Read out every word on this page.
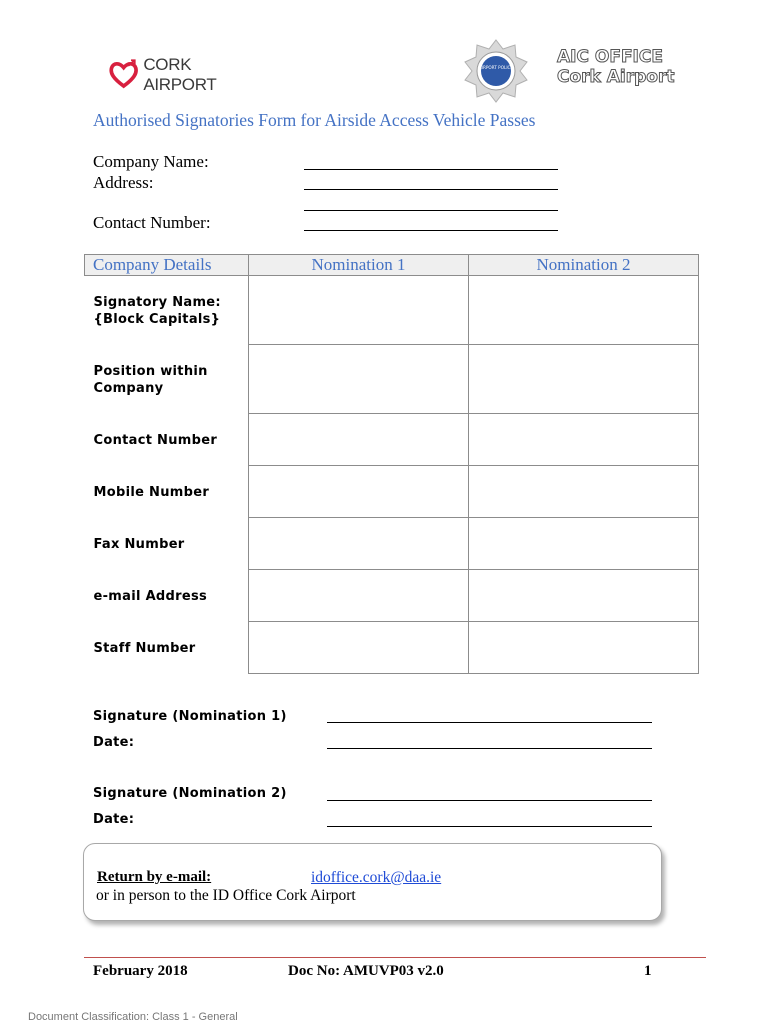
CORK AIRPORT
AIRPORT POLICE
AIC OFFICE
Cork Airport
Authorised Signatories Form for Airside Access Vehicle Passes
Company Name:
Address:
Contact Number:
Company Details	Nomination 1	Nomination 2

Signatory Name:
{Block Capitals}		

Position within
Company		

Contact Number		
Mobile Number		
Fax Number		
e-mail Address		
Staff Number		
Signature (Nomination 1)
Date:
Signature (Nomination 2)
Date:
Return by e-mail:	idoffice.cork@daa.ie
or in person to the ID Office Cork Airport
February 2018	Doc No: AMUVP03 v2.0	1
Document Classification: Class 1 - General
